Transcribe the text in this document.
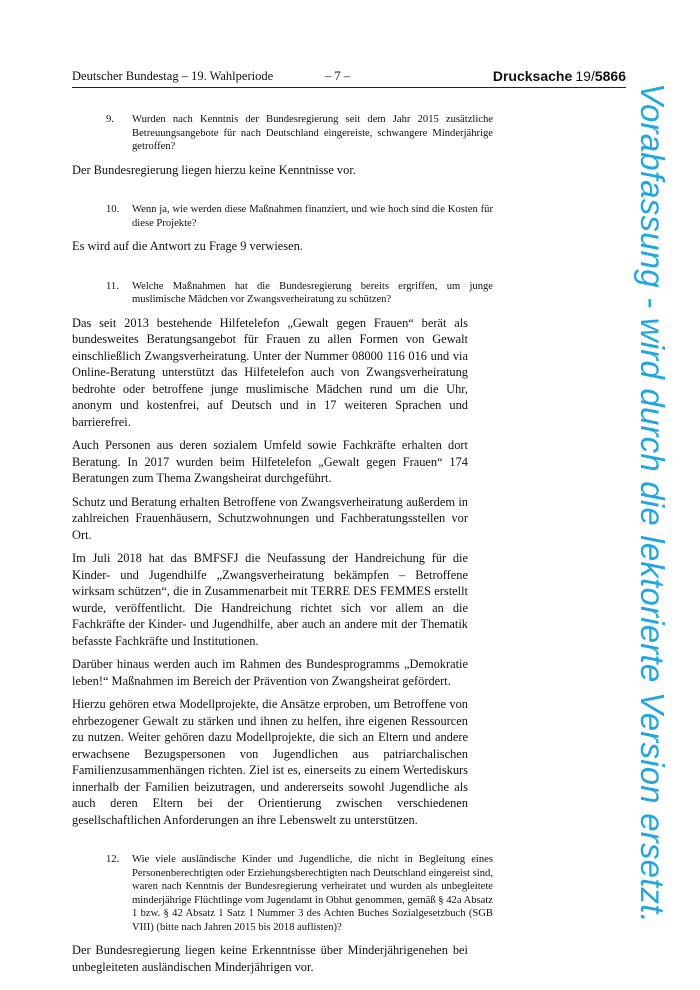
Deutscher Bundestag – 19. Wahlperiode	– 7 –	Drucksache 19/5866
9.	Wurden nach Kenntnis der Bundesregierung seit dem Jahr 2015 zusätzliche Betreuungsangebote für nach Deutschland eingereiste, schwangere Minderjährige getroffen?

Der Bundesregierung liegen hierzu keine Kenntnisse vor.

10.	Wenn ja, wie werden diese Maßnahmen finanziert, und wie hoch sind die Kosten für diese Projekte?

Es wird auf die Antwort zu Frage 9 verwiesen.

11.	Welche Maßnahmen hat die Bundesregierung bereits ergriffen, um junge muslimische Mädchen vor Zwangsverheiratung zu schützen?

Das seit 2013 bestehende Hilfetelefon „Gewalt gegen Frauen“ berät als bundesweites Beratungsangebot für Frauen zu allen Formen von Gewalt einschließlich Zwangsverheiratung. Unter der Nummer 08000 116 016 und via Online-Beratung unterstützt das Hilfetelefon auch von Zwangsverheiratung bedrohte oder betroffene junge muslimische Mädchen rund um die Uhr, anonym und kostenfrei, auf Deutsch und in 17 weiteren Sprachen und barrierefrei.

Auch Personen aus deren sozialem Umfeld sowie Fachkräfte erhalten dort Beratung. In 2017 wurden beim Hilfetelefon „Gewalt gegen Frauen“ 174 Beratungen zum Thema Zwangsheirat durchgeführt.

Schutz und Beratung erhalten Betroffene von Zwangsverheiratung außerdem in zahlreichen Frauenhäusern, Schutzwohnungen und Fachberatungsstellen vor Ort.

Im Juli 2018 hat das BMFSFJ die Neufassung der Handreichung für die Kinder- und Jugendhilfe „Zwangsverheiratung bekämpfen – Betroffene wirksam schützen“, die in Zusammenarbeit mit TERRE DES FEMMES erstellt wurde, veröffentlicht. Die Handreichung richtet sich vor allem an die Fachkräfte der Kinder- und Jugendhilfe, aber auch an andere mit der Thematik befasste Fachkräfte und Institutionen.

Darüber hinaus werden auch im Rahmen des Bundesprogramms „Demokratie leben!“ Maßnahmen im Bereich der Prävention von Zwangsheirat gefördert.

Hierzu gehören etwa Modellprojekte, die Ansätze erproben, um Betroffene von ehrbezogener Gewalt zu stärken und ihnen zu helfen, ihre eigenen Ressourcen zu nutzen. Weiter gehören dazu Modellprojekte, die sich an Eltern und andere erwachsene Bezugspersonen von Jugendlichen aus patriarchalischen Familienzusammenhängen richten. Ziel ist es, einerseits zu einem Wertediskurs innerhalb der Familien beizutragen, und andererseits sowohl Jugendliche als auch deren Eltern bei der Orientierung zwischen verschiedenen gesellschaftlichen Anforderungen an ihre Lebenswelt zu unterstützen.

12.	Wie viele ausländische Kinder und Jugendliche, die nicht in Begleitung eines Personenberechtigten oder Erziehungsberechtigten nach Deutschland eingereist sind, waren nach Kenntnis der Bundesregierung verheiratet und wurden als unbegleitete minderjährige Flüchtlinge vom Jugendamt in Obhut genommen, gemäß § 42a Absatz 1 bzw. § 42 Absatz 1 Satz 1 Nummer 3 des Achten Buches Sozialgesetzbuch (SGB VIII) (bitte nach Jahren 2015 bis 2018 auflisten)?

Der Bundesregierung liegen keine Erkenntnisse über Minderjährigenehen bei unbegleiteten ausländischen Minderjährigen vor.

Vorabfassung - wird durch die lektorierte Version ersetzt.
